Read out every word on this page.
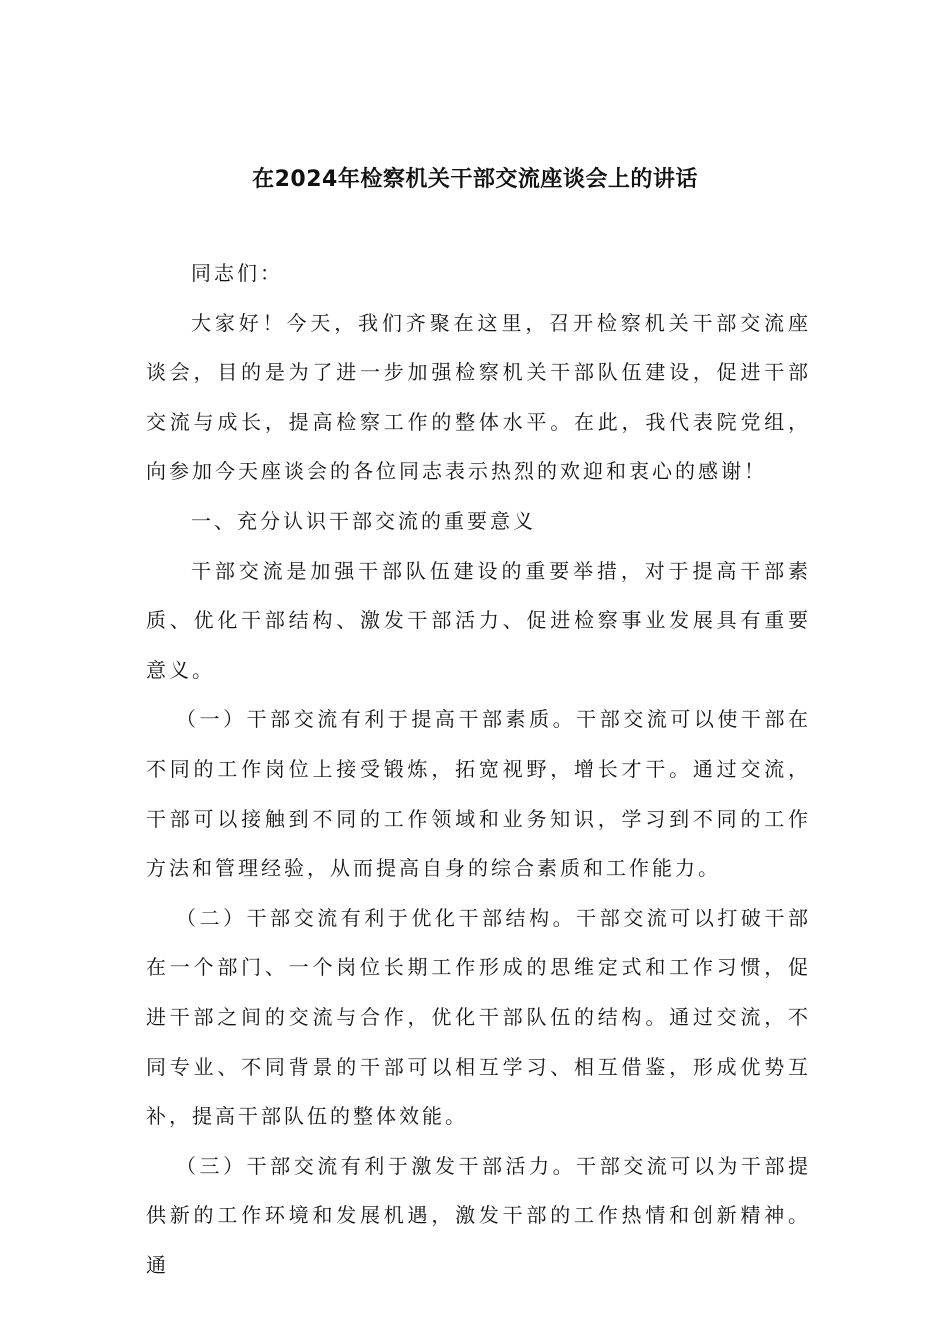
在2024年检察机关干部交流座谈会上的讲话

同志们：

大家好！今天，我们齐聚在这里，召开检察机关干部交流座谈会，目的是为了进一步加强检察机关干部队伍建设，促进干部交流与成长，提高检察工作的整体水平。在此，我代表院党组，向参加今天座谈会的各位同志表示热烈的欢迎和衷心的感谢！

一、充分认识干部交流的重要意义

干部交流是加强干部队伍建设的重要举措，对于提高干部素质、优化干部结构、激发干部活力、促进检察事业发展具有重要意义。

（一）干部交流有利于提高干部素质。干部交流可以使干部在不同的工作岗位上接受锻炼，拓宽视野，增长才干。通过交流，干部可以接触到不同的工作领域和业务知识，学习到不同的工作方法和管理经验，从而提高自身的综合素质和工作能力。

（二）干部交流有利于优化干部结构。干部交流可以打破干部在一个部门、一个岗位长期工作形成的思维定式和工作习惯，促进干部之间的交流与合作，优化干部队伍的结构。通过交流，不同专业、不同背景的干部可以相互学习、相互借鉴，形成优势互补，提高干部队伍的整体效能。

（三）干部交流有利于激发干部活力。干部交流可以为干部提供新的工作环境和发展机遇，激发干部的工作热情和创新精神。通
